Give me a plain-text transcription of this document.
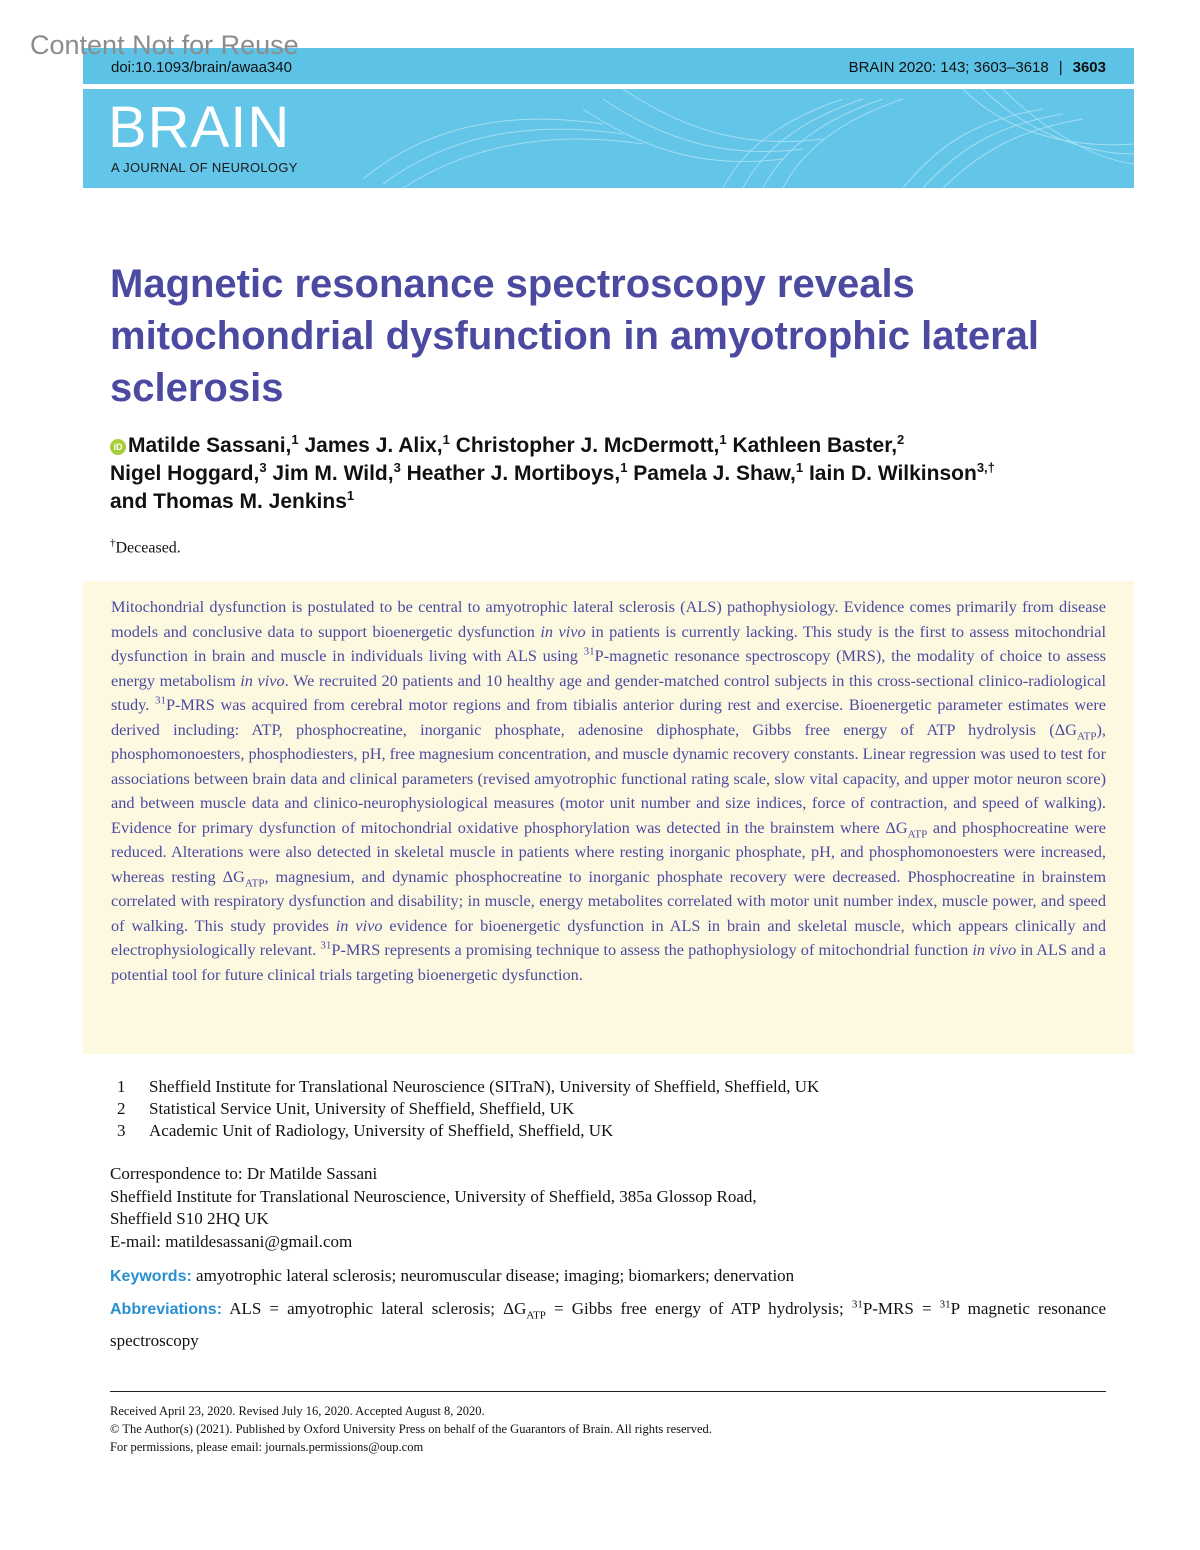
Content Not for Reuse
doi:10.1093/brain/awaa340	BRAIN 2020: 143; 3603–3618 | 3603
BRAIN
A JOURNAL OF NEUROLOGY
Magnetic resonance spectroscopy reveals mitochondrial dysfunction in amyotrophic lateral sclerosis
iD Matilde Sassani,$^1$ James J. Alix,$^1$ Christopher J. McDermott,$^1$ Kathleen Baster,$^2$
Nigel Hoggard,$^3$ Jim M. Wild,$^3$ Heather J. Mortiboys,$^1$ Pamela J. Shaw,$^1$ Iain D. Wilkinson$^{3,\dagger}$
and Thomas M. Jenkins$^1$
†Deceased.

Mitochondrial dysfunction is postulated to be central to amyotrophic lateral sclerosis (ALS) pathophysiology. Evidence comes primarily from disease models and conclusive data to support bioenergetic dysfunction in vivo in patients is currently lacking. This study is the first to assess mitochondrial dysfunction in brain and muscle in individuals living with ALS using $^{31}$P-magnetic resonance spectroscopy (MRS), the modality of choice to assess energy metabolism in vivo. We recruited 20 patients and 10 healthy age and gender-matched control subjects in this cross-sectional clinico-radiological study. $^{31}$P-MRS was acquired from cerebral motor regions and from tibialis anterior during rest and exercise. Bioenergetic parameter estimates were derived including: ATP, phosphocreatine, inorganic phosphate, adenosine diphosphate, Gibbs free energy of ATP hydrolysis $(\Delta G_{ATP})$, phosphomonoesters, phosphodiesters, pH, free magnesium concentration, and muscle dynamic recovery constants. Linear regression was used to test for associations between brain data and clinical parameters (revised amyotrophic functional rating scale, slow vital capacity, and upper motor neuron score) and between muscle data and clinico-neurophysiological measures (motor unit number and size indices, force of contraction, and speed of walking). Evidence for primary dysfunction of mitochondrial oxidative phosphorylation was detected in the brainstem where $\Delta G_{ATP}$ and phosphocreatine were reduced. Alterations were also detected in skeletal muscle in patients where resting inorganic phosphate, pH, and phosphomonoesters were increased, whereas resting $\Delta G_{ATP}$, magnesium, and dynamic phosphocreatine to inorganic phosphate recovery were decreased. Phosphocreatine in brainstem correlated with respiratory dysfunction and disability; in muscle, energy metabolites correlated with motor unit number index, muscle power, and speed of walking. This study provides in vivo evidence for bioenergetic dysfunction in ALS in brain and skeletal muscle, which appears clinically and electrophysiologically relevant. $^{31}$P-MRS represents a promising technique to assess the pathophysiology of mitochondrial function in vivo in ALS and a potential tool for future clinical trials targeting bioenergetic dysfunction.

1 Sheffield Institute for Translational Neuroscience (SITraN), University of Sheffield, Sheffield, UK
2 Statistical Service Unit, University of Sheffield, Sheffield, UK
3 Academic Unit of Radiology, University of Sheffield, Sheffield, UK
Correspondence to: Dr Matilde Sassani
Sheffield Institute for Translational Neuroscience, University of Sheffield, 385a Glossop Road,
Sheffield S10 2HQ UK
E-mail: matildesassani@gmail.com
Keywords: amyotrophic lateral sclerosis; neuromuscular disease; imaging; biomarkers; denervation
Abbreviations: ALS = amyotrophic lateral sclerosis; $\Delta G_{ATP}$ = Gibbs free energy of ATP hydrolysis; $^{31}$P-MRS = $^{31}$P magnetic resonance spectroscopy
Received April 23, 2020. Revised July 16, 2020. Accepted August 8, 2020.
© The Author(s) (2021). Published by Oxford University Press on behalf of the Guarantors of Brain. All rights reserved.
For permissions, please email: journals.permissions@oup.com
